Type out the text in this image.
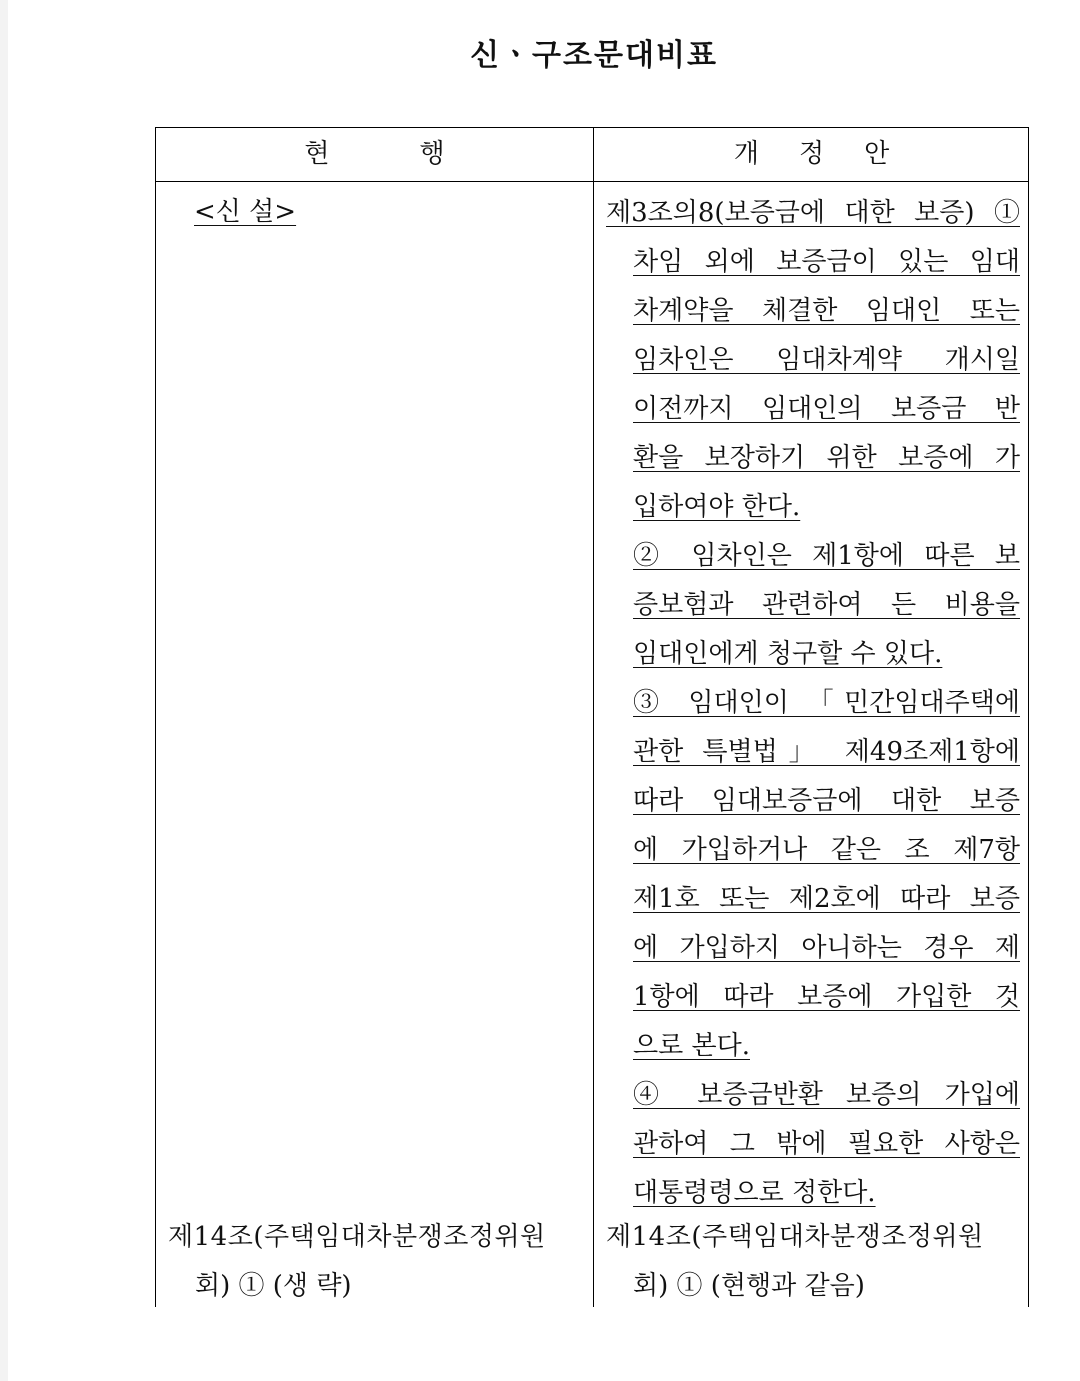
신ㆍ구조문대비표
현	행	개 정 안
<신 설>
제14조(주택임대차분쟁조정위원
회) ① (생 략)
제3조의8(보증금에 대한 보증) ①
차임 외에 보증금이 있는 임대
차계약을 체결한 임대인 또는
임차인은 임대차계약 개시일
이전까지 임대인의 보증금 반
환을 보장하기 위한 보증에 가
입하여야 한다.
② 임차인은 제1항에 따른 보
증보험과 관련하여 든 비용을
임대인에게 청구할 수 있다.
③ 임대인이 「민간임대주택에
관한 특별법」 제49조제1항에
따라 임대보증금에 대한 보증
에 가입하거나 같은 조 제7항
제1호 또는 제2호에 따라 보증
에 가입하지 아니하는 경우 제
1항에 따라 보증에 가입한 것
으로 본다.
④ 보증금반환 보증의 가입에
관하여 그 밖에 필요한 사항은
대통령령으로 정한다.
제14조(주택임대차분쟁조정위원
회) ① (현행과 같음)
